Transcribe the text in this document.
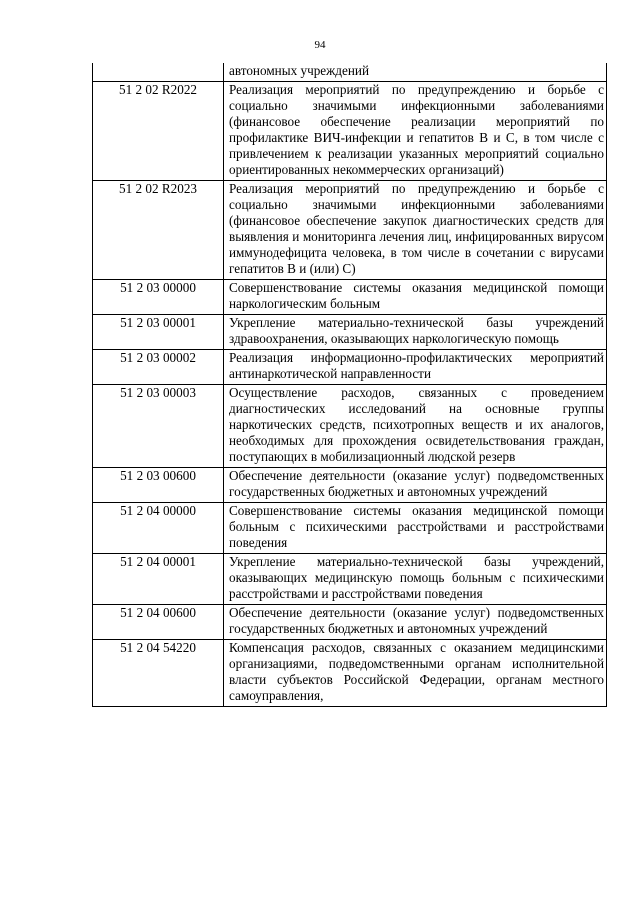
94
	автономных учреждений
51 2 02 R2022	Реализация мероприятий по предупреждению и борьбе с социально значимыми инфекционными заболеваниями (финансовое обеспечение реализации мероприятий по профилактике ВИЧ-инфекции и гепатитов B и C, в том числе с привлечением к реализации указанных мероприятий социально ориентированных некоммерческих организаций)
51 2 02 R2023	Реализация мероприятий по предупреждению и борьбе с социально значимыми инфекционными заболеваниями (финансовое обеспечение закупок диагностических средств для выявления и мониторинга лечения лиц, инфицированных вирусом иммунодефицита человека, в том числе в сочетании с вирусами гепатитов B и (или) C)
51 2 03 00000	Совершенствование системы оказания медицинской помощи наркологическим больным
51 2 03 00001	Укрепление материально-технической базы учреждений здравоохранения, оказывающих наркологическую помощь
51 2 03 00002	Реализация информационно-профилактических мероприятий антинаркотической направленности
51 2 03 00003	Осуществление расходов, связанных с проведением диагностических исследований на основные группы наркотических средств, психотропных веществ и их аналогов, необходимых для прохождения освидетельствования граждан, поступающих в мобилизационный людской резерв
51 2 03 00600	Обеспечение деятельности (оказание услуг) подведомственных государственных бюджетных и автономных учреждений
51 2 04 00000	Совершенствование системы оказания медицинской помощи больным с психическими расстройствами и расстройствами поведения
51 2 04 00001	Укрепление материально-технической базы учреждений, оказывающих медицинскую помощь больным с психическими расстройствами и расстройствами поведения
51 2 04 00600	Обеспечение деятельности (оказание услуг) подведомственных государственных бюджетных и автономных учреждений
51 2 04 54220	Компенсация расходов, связанных с оказанием медицинскими организациями, подведомственными органам исполнительной власти субъектов Российской Федерации, органам местного самоуправления,
